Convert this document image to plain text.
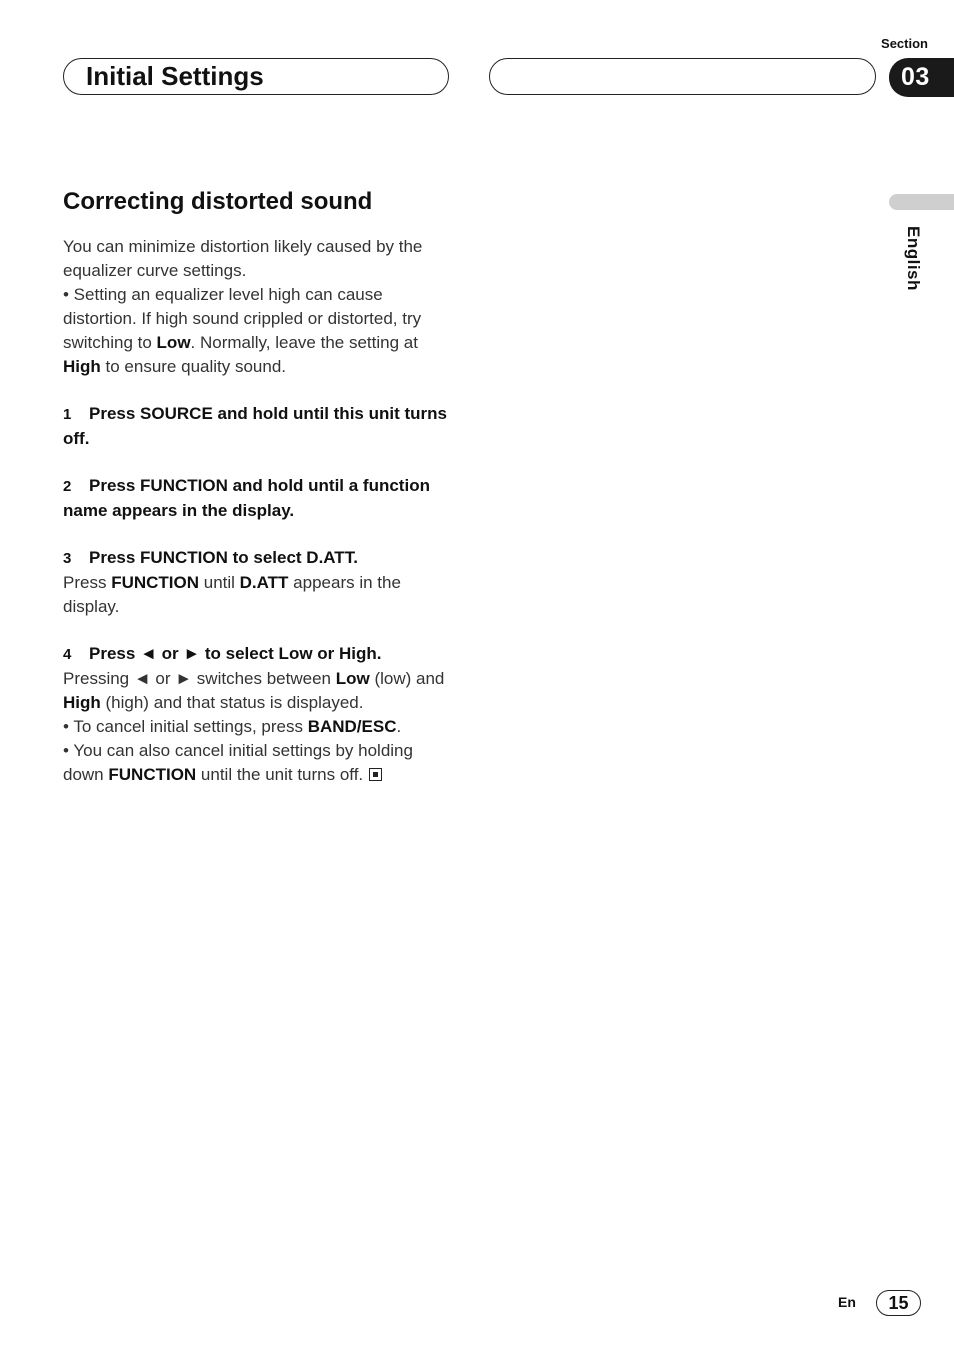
Section
Initial Settings	03
English
Correcting distorted sound

You can minimize distortion likely caused by the equalizer curve settings.
• Setting an equalizer level high can cause distortion. If high sound crippled or distorted, try switching to Low. Normally, leave the setting at High to ensure quality sound.

1 Press SOURCE and hold until this unit turns off.

2 Press FUNCTION and hold until a function name appears in the display.

3 Press FUNCTION to select D.ATT.

Press FUNCTION until D.ATT appears in the display.

4 Press ◄ or ► to select Low or High.

Pressing ◄ or ► switches between Low (low) and High (high) and that status is displayed.
• To cancel initial settings, press BAND/ESC.
• You can also cancel initial settings by holding down FUNCTION until the unit turns off.

En	15
